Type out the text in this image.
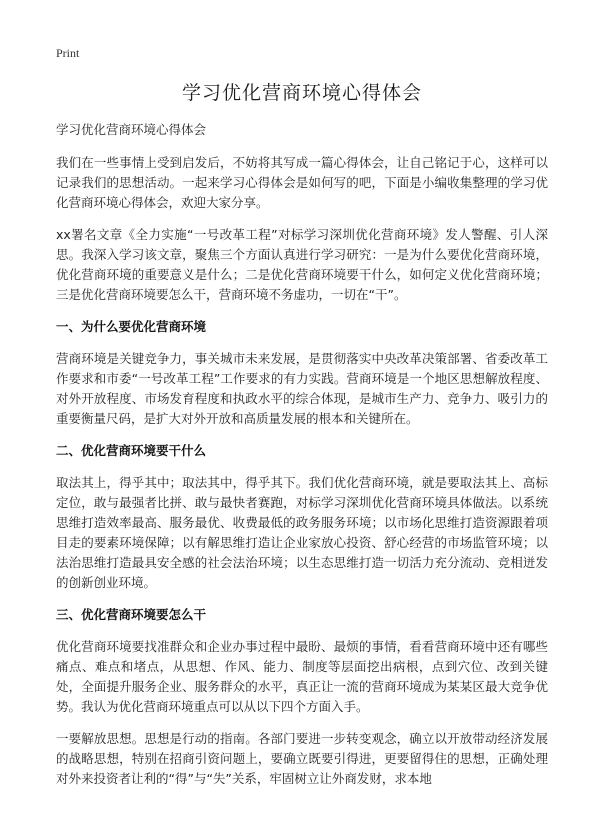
Print

学习优化营商环境心得体会

学习优化营商环境心得体会

我们在一些事情上受到启发后，不妨将其写成一篇心得体会，让自己铭记于心，这样可以记录我们的思想活动。一起来学习心得体会是如何写的吧，下面是小编收集整理的学习优化营商环境心得体会，欢迎大家分享。

xx署名文章《全力实施“一号改革工程”对标学习深圳优化营商环境》发人警醒、引人深思。我深入学习该文章，聚焦三个方面认真进行学习研究：一是为什么要优化营商环境，优化营商环境的重要意义是什么；二是优化营商环境要干什么，如何定义优化营商环境；三是优化营商环境要怎么干，营商环境不务虚功，一切在“干”。

一、为什么要优化营商环境

营商环境是关键竞争力，事关城市未来发展，是贯彻落实中央改革决策部署、省委改革工作要求和市委“一号改革工程”工作要求的有力实践。营商环境是一个地区思想解放程度、对外开放程度、市场发育程度和执政水平的综合体现，是城市生产力、竞争力、吸引力的重要衡量尺码，是扩大对外开放和高质量发展的根本和关键所在。

二、优化营商环境要干什么

取法其上，得乎其中；取法其中，得乎其下。我们优化营商环境，就是要取法其上、高标定位，敢与最强者比拼、敢与最快者赛跑，对标学习深圳优化营商环境具体做法。以系统思维打造效率最高、服务最优、收费最低的政务服务环境；以市场化思维打造资源跟着项目走的要素环境保障；以有解思维打造让企业家放心投资、舒心经营的市场监管环境；以法治思维打造最具安全感的社会法治环境；以生态思维打造一切活力充分流动、竞相迸发的创新创业环境。

三、优化营商环境要怎么干

优化营商环境要找准群众和企业办事过程中最盼、最烦的事情，看看营商环境中还有哪些痛点、难点和堵点，从思想、作风、能力、制度等层面挖出病根，点到穴位、改到关键处，全面提升服务企业、服务群众的水平，真正让一流的营商环境成为某某区最大竞争优势。我认为优化营商环境重点可以从以下四个方面入手。

一要解放思想。思想是行动的指南。各部门要进一步转变观念，确立以开放带动经济发展的战略思想，特别在招商引资问题上，要确立既要引得进，更要留得住的思想，正确处理对外来投资者让利的“得”与“失”关系，牢固树立让外商发财，求本地
